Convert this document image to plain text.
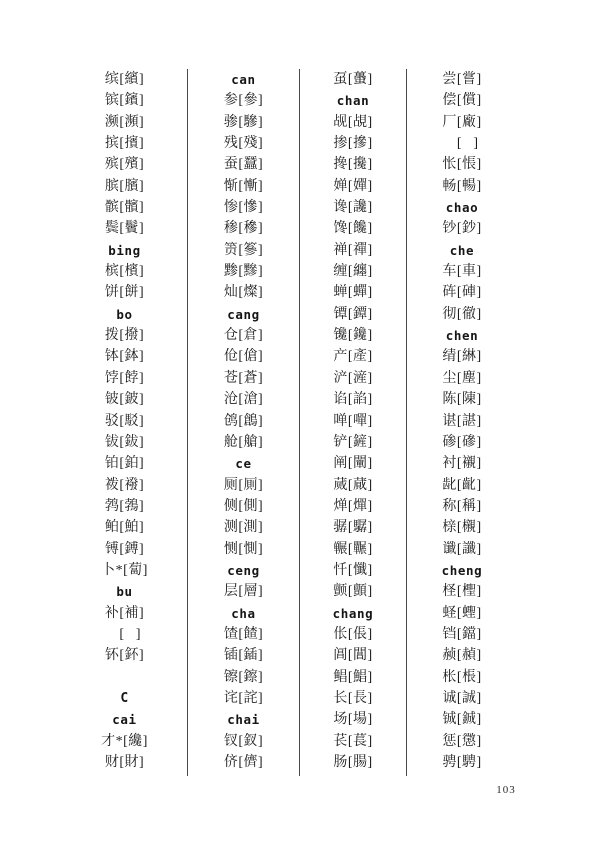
缤[繽]
镔[鑌]
濒[瀕]
摈[擯]
殡[殯]
膑[臏]
髌[髕]
鬓[鬢]
bing
槟[檳]
饼[餅]
bo
拨[撥]
钵[鉢]
饽[餑]
铍[鈹]
驳[駁]
钹[鈸]
铂[鉑]
袯[襏]
鹁[鵓]
鲌[鮊]
镈[鎛]
卜*[蔔]
bu
补[補]
𫛛[鵏]
钚[鈈]
C
cai
才*[纔]
财[財]
can
参[參]
骖[驂]
残[殘]
蚕[蠶]
惭[慚]
惨[慘]
䅟[穇]
𬕂[篸]
黪[黲]
灿[燦]
cang
仓[倉]
伧[傖]
苍[蒼]
沧[滄]
鸧[鶬]
舱[艙]
ce
厕[厠]
侧[側]
测[測]
恻[惻]
ceng
层[層]
cha
馇[餷]
锸[鍤]
镲[鑔]
诧[詫]
chai
钗[釵]
侪[儕]
虿[蠆]
chan
觇[覘]
掺[摻]
搀[攙]
婵[嬋]
谗[讒]
馋[饞]
禅[禪]
缠[纏]
蝉[蟬]
镡[鐔]
镵[鑱]
产[產]
浐[滻]
谄[諂]
啴[嘽]
铲[鏟]
阐[闡]
蒇[蕆]
𬊤[燀]
骣[驏]
冁[囅]
忏[懺]
颤[顫]
chang
伥[倀]
阊[閶]
鲳[鯧]
长[長]
场[場]
苌[萇]
肠[腸]
尝[嘗]
偿[償]
厂[廠]
𨱌[鋹]
怅[悵]
畅[暢]
chao
钞[鈔]
che
车[車]
砗[硨]
彻[徹]
chen
𬘬[綝]
尘[塵]
陈[陳]
谌[諶]
碜[磣]
衬[襯]
龀[齔]
称[稱]
榇[櫬]
谶[讖]
cheng
柽[檉]
蛏[蟶]
铛[鐺]
赪[赬]
枨[棖]
诚[誠]
铖[鋮]
惩[懲]
骋[騁]
103
